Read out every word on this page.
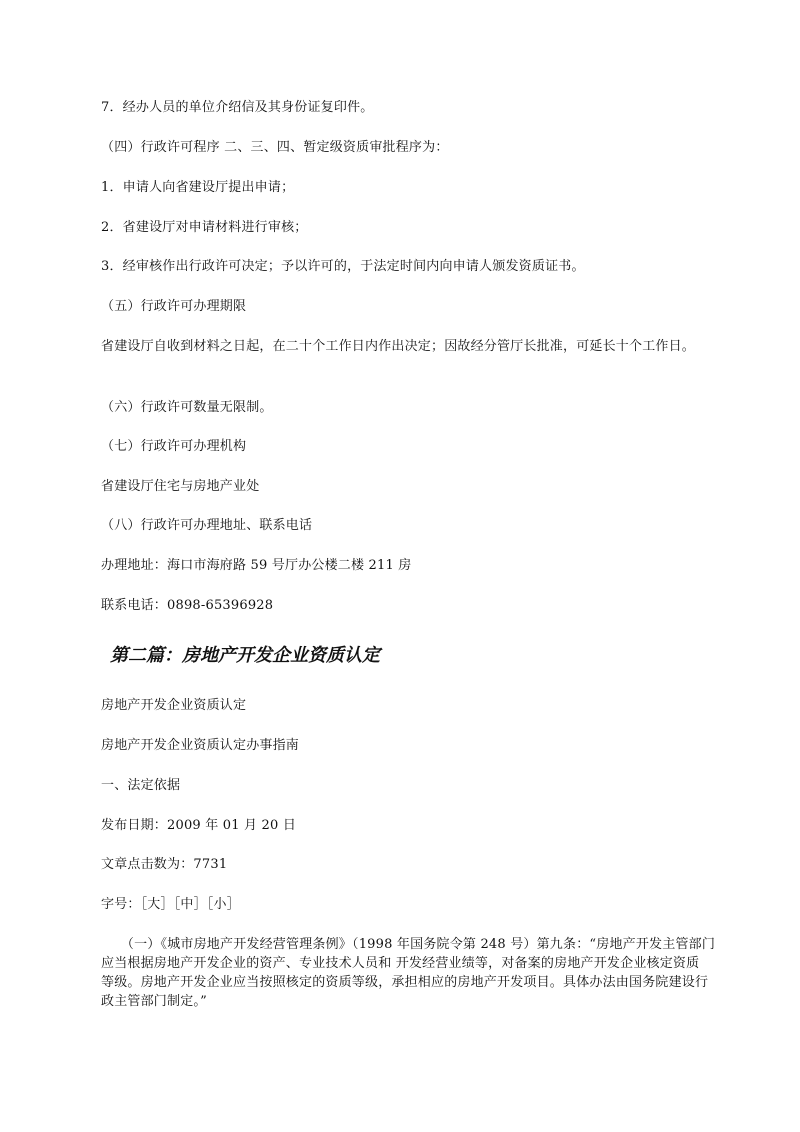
7．经办人员的单位介绍信及其身份证复印件。
（四）行政许可程序 二、三、四、暂定级资质审批程序为：
1．申请人向省建设厅提出申请；
2．省建设厅对申请材料进行审核；
3．经审核作出行政许可决定；予以许可的，于法定时间内向申请人颁发资质证书。
（五）行政许可办理期限
省建设厅自收到材料之日起，在二十个工作日内作出决定；因故经分管厅长批准，可延长十个工作日。
（六）行政许可数量无限制。
（七）行政许可办理机构
省建设厅住宅与房地产业处
（八）行政许可办理地址、联系电话
办理地址：海口市海府路 59 号厅办公楼二楼 211 房
联系电话：0898-65396928
第二篇：房地产开发企业资质认定
房地产开发企业资质认定
房地产开发企业资质认定办事指南
一、法定依据
发布日期：2009 年 01 月 20 日
文章点击数为：7731
字号：［大］［中］［小］

　　（一）《城市房地产开发经营管理条例》（1998 年国务院令第 248 号）第九条：“房地产开发主管部门

应当根据房地产开发企业的资产、专业技术人员和 开发经营业绩等，对备案的房地产开发企业核定资质

等级。房地产开发企业应当按照核定的资质等级，承担相应的房地产开发项目。具体办法由国务院建设行

政主管部门制定。”
